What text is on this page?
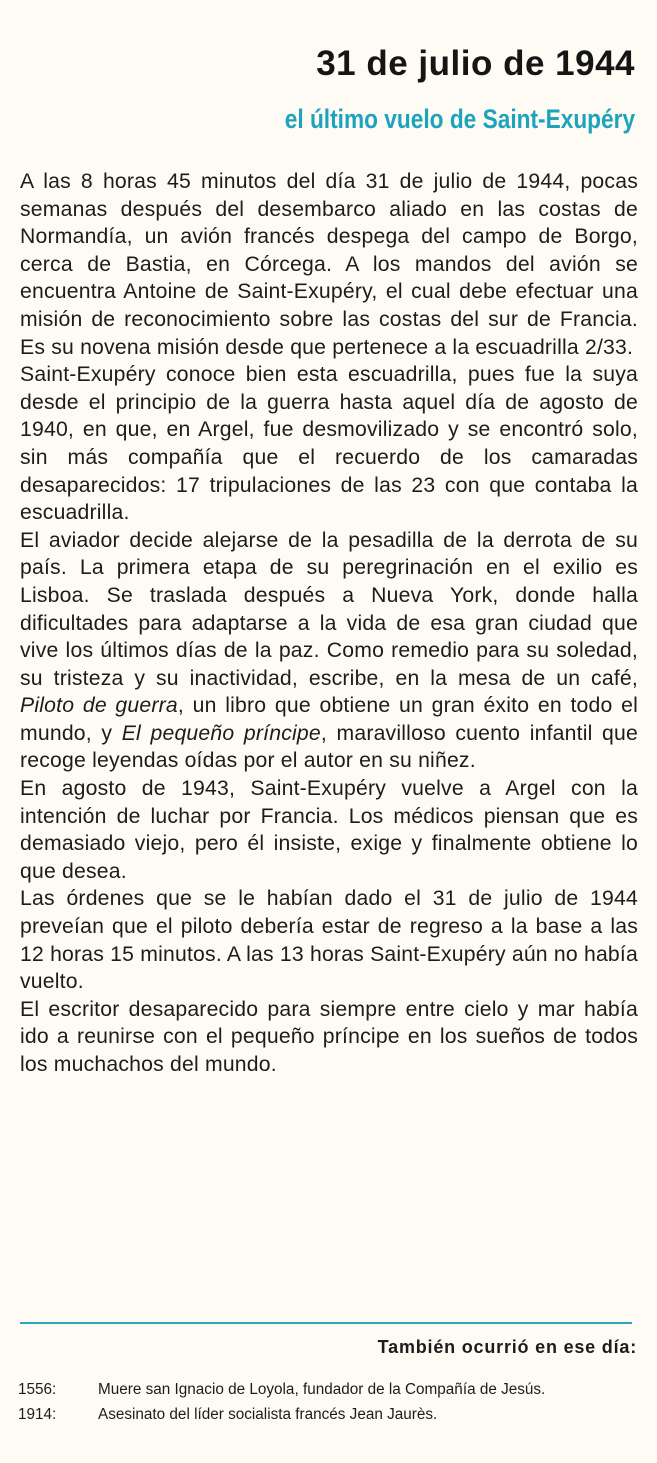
31 de julio de 1944
el último vuelo de Saint-Exupéry

A las 8 horas 45 minutos del día 31 de julio de 1944, pocas semanas después del desembarco aliado en las costas de Normandía, un avión francés despega del campo de Borgo, cerca de Bastia, en Córcega. A los mandos del avión se encuentra Antoine de Saint-Exupéry, el cual debe efectuar una misión de reconocimiento sobre las costas del sur de Francia. Es su novena misión desde que pertenece a la escuadrilla 2/33.

Saint-Exupéry conoce bien esta escuadrilla, pues fue la suya desde el principio de la guerra hasta aquel día de agosto de 1940, en que, en Argel, fue desmovilizado y se encontró solo, sin más compañía que el recuerdo de los camaradas desaparecidos: 17 tripulaciones de las 23 con que contaba la escuadrilla.

El aviador decide alejarse de la pesadilla de la derrota de su país. La primera etapa de su peregrinación en el exilio es Lisboa. Se traslada después a Nueva York, donde halla dificultades para adaptarse a la vida de esa gran ciudad que vive los últimos días de la paz. Como remedio para su soledad, su tristeza y su inactividad, escribe, en la mesa de un café, Piloto de guerra, un libro que obtiene un gran éxito en todo el mundo, y El pequeño príncipe, maravilloso cuento infantil que recoge leyendas oídas por el autor en su niñez.

En agosto de 1943, Saint-Exupéry vuelve a Argel con la intención de luchar por Francia. Los médicos piensan que es demasiado viejo, pero él insiste, exige y finalmente obtiene lo que desea.

Las órdenes que se le habían dado el 31 de julio de 1944 preveían que el piloto debería estar de regreso a la base a las 12 horas 15 minutos. A las 13 horas Saint-Exupéry aún no había vuelto.

El escritor desaparecido para siempre entre cielo y mar había ido a reunirse con el pequeño príncipe en los sueños de todos los muchachos del mundo.

También ocurrió en ese día:
1556:	Muere san Ignacio de Loyola, fundador de la Compañía de Jesús.
1914:	Asesinato del líder socialista francés Jean Jaurès.
